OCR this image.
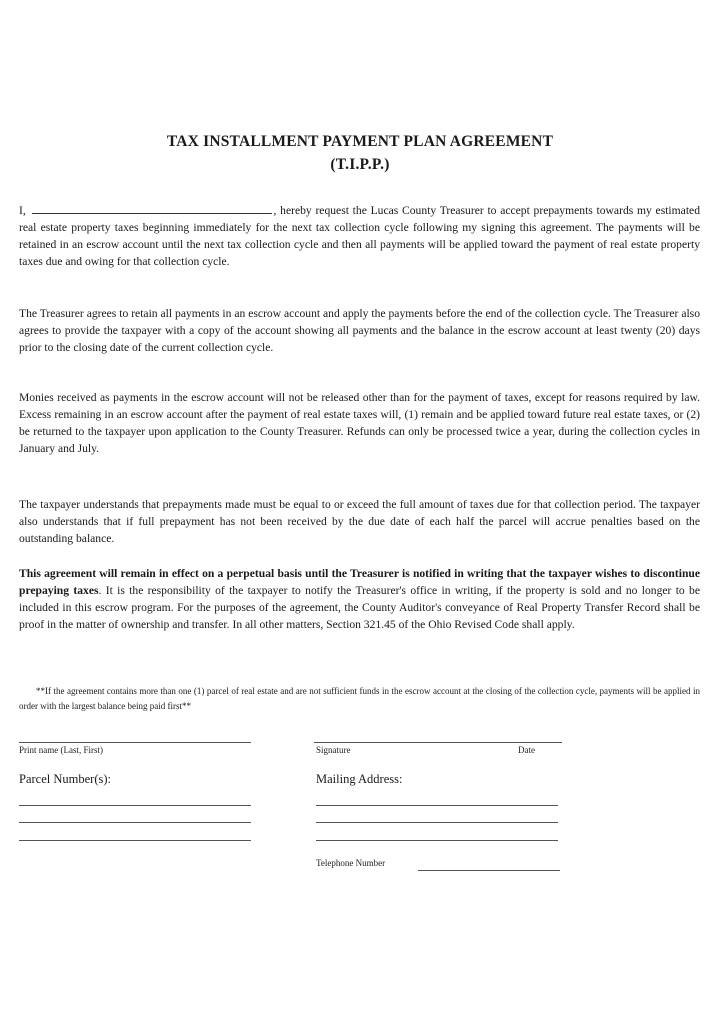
TAX INSTALLMENT PAYMENT PLAN AGREEMENT
(T.I.P.P.)
I,	, hereby request the Lucas County Treasurer to accept prepayments towards my estimated real estate property taxes beginning immediately for the next tax collection cycle following my signing this agreement. The payments will be retained in an escrow account until the next tax collection cycle and then all payments will be applied toward the payment of real estate property taxes due and owing for that collection cycle.
The Treasurer agrees to retain all payments in an escrow account and apply the payments before the end of the collection cycle. The Treasurer also agrees to provide the taxpayer with a copy of the account showing all payments and the balance in the escrow account at least twenty (20) days prior to the closing date of the current collection cycle.
Monies received as payments in the escrow account will not be released other than for the payment of taxes, except for reasons required by law. Excess remaining in an escrow account after the payment of real estate taxes will, (1) remain and be applied toward future real estate taxes, or (2) be returned to the taxpayer upon application to the County Treasurer. Refunds can only be processed twice a year, during the collection cycles in January and July.
The taxpayer understands that prepayments made must be equal to or exceed the full amount of taxes due for that collection period. The taxpayer also understands that if full prepayment has not been received by the due date of each half the parcel will accrue penalties based on the outstanding balance.
This agreement will remain in effect on a perpetual basis until the Treasurer is notified in writing that the taxpayer wishes to discontinue prepaying taxes. It is the responsibility of the taxpayer to notify the Treasurer's office in writing, if the property is sold and no longer to be included in this escrow program. For the purposes of the agreement, the County Auditor's conveyance of Real Property Transfer Record shall be proof in the matter of ownership and transfer. In all other matters, Section 321.45 of the Ohio Revised Code shall apply.
**If the agreement contains more than one (1) parcel of real estate and are not sufficient funds in the escrow account at the closing of the collection cycle, payments will be applied in order with the largest balance being paid first**
Print name (Last, First)	Signature	Date
Parcel Number(s):	Mailing Address:
Telephone Number
